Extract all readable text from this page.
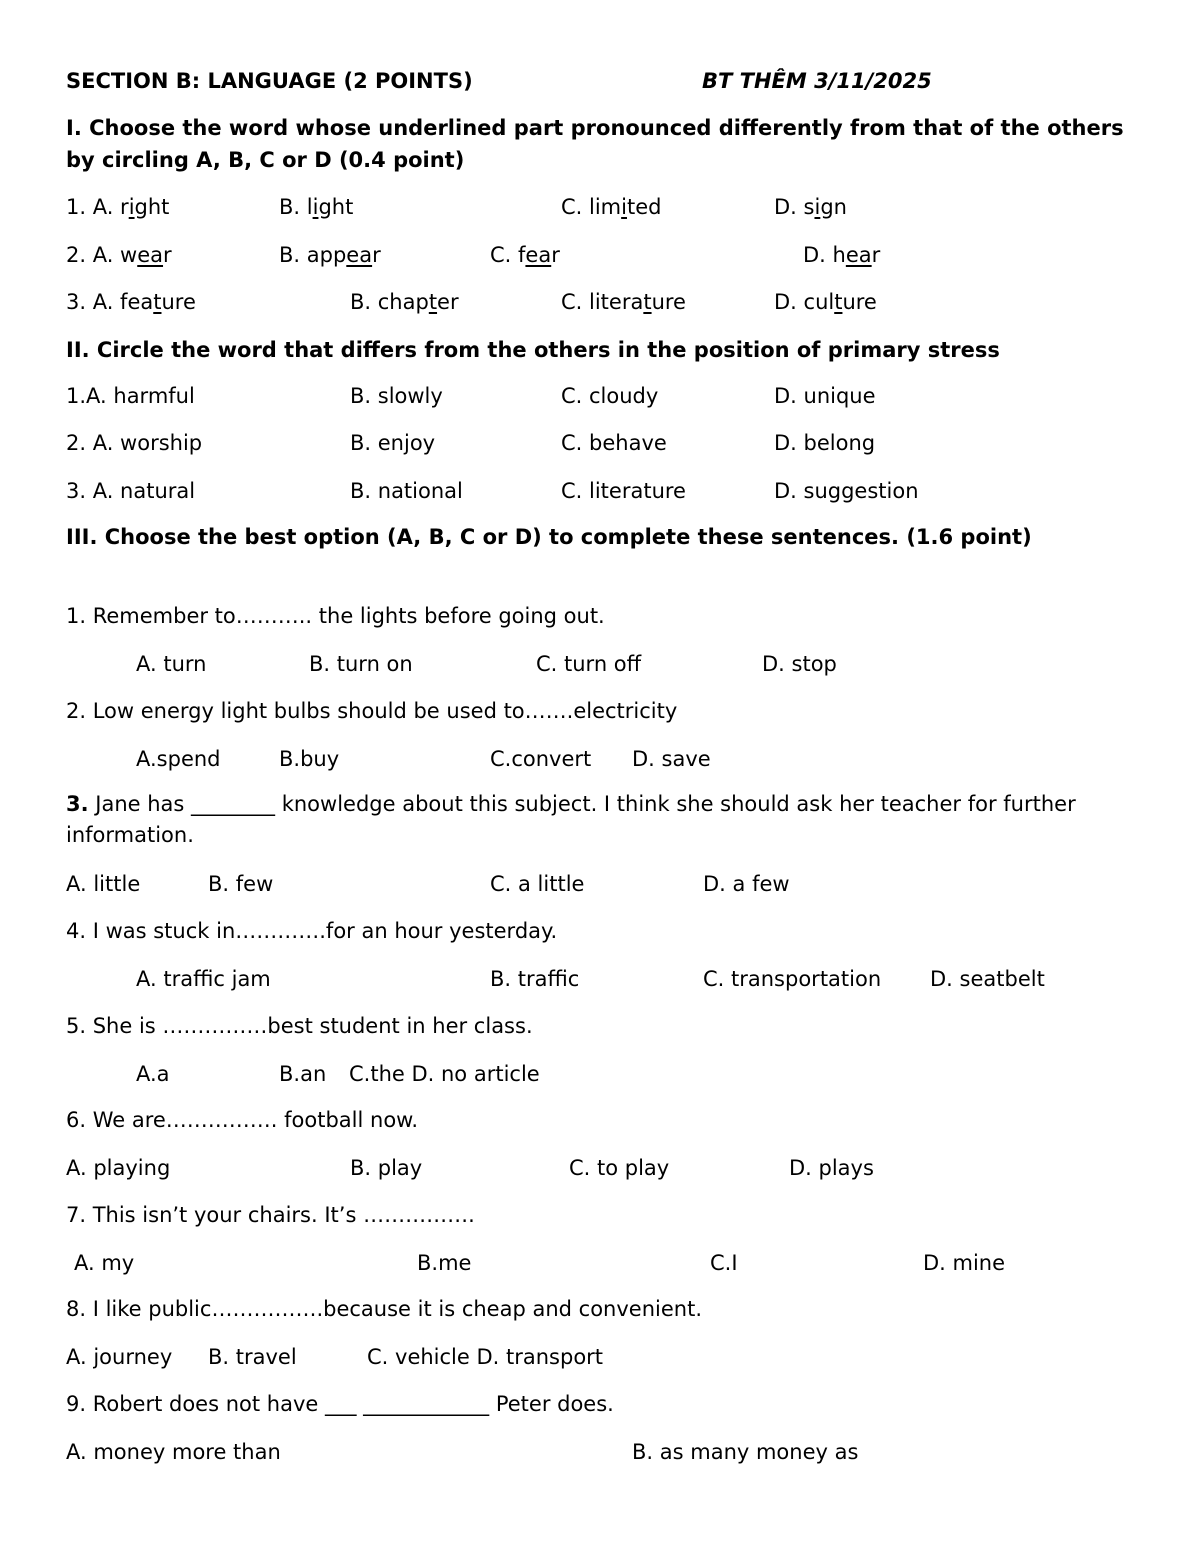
SECTION B: LANGUAGE (2 POINTS)	BT THÊM 3/11/2025
I. Choose the word whose underlined part pronounced differently from that of the others by circling A, B, C or D (0.4 point)
1. A. right	B. light	C. limited	D. sign
2. A. wear	B. appear	C. fear	D. hear
3. A. feature	B. chapter	C. literature	D. culture
II. Circle the word that differs from the others in the position of primary stress
1.A. harmful	B. slowly	C. cloudy	D. unique
2. A. worship	B. enjoy	C. behave	D. belong
3. A. natural	B. national	C. literature	D. suggestion
III. Choose the best option (A, B, C or D) to complete these sentences. (1.6 point)
1. Remember to……….. the lights before going out.
A. turn	B. turn on	C. turn off	D. stop
2. Low energy light bulbs should be used to…….electricity
A.spend	B.buy	C.convert D. save
3. Jane has ________ knowledge about this subject. I think she should ask her teacher for further information.
A. little	B. few	C. a little	D. a few
4. I was stuck in………….for an hour yesterday.
A. traffic jam	B. traffic	C. transportation D. seatbelt
5. She is ……………best student in her class.
A.a	B.an C.the D. no article
6. We are……………. football now.
A. playing	B. play	C. to play	D. plays
7. This isn’t your chairs. It’s …………….
A. my	B.me	C.I	D. mine
8. I like public…………….because it is cheap and convenient.
A. journey B. travel	C. vehicle D. transport
9. Robert does not have ___ ____________ Peter does.
A. money more than	B. as many money as
